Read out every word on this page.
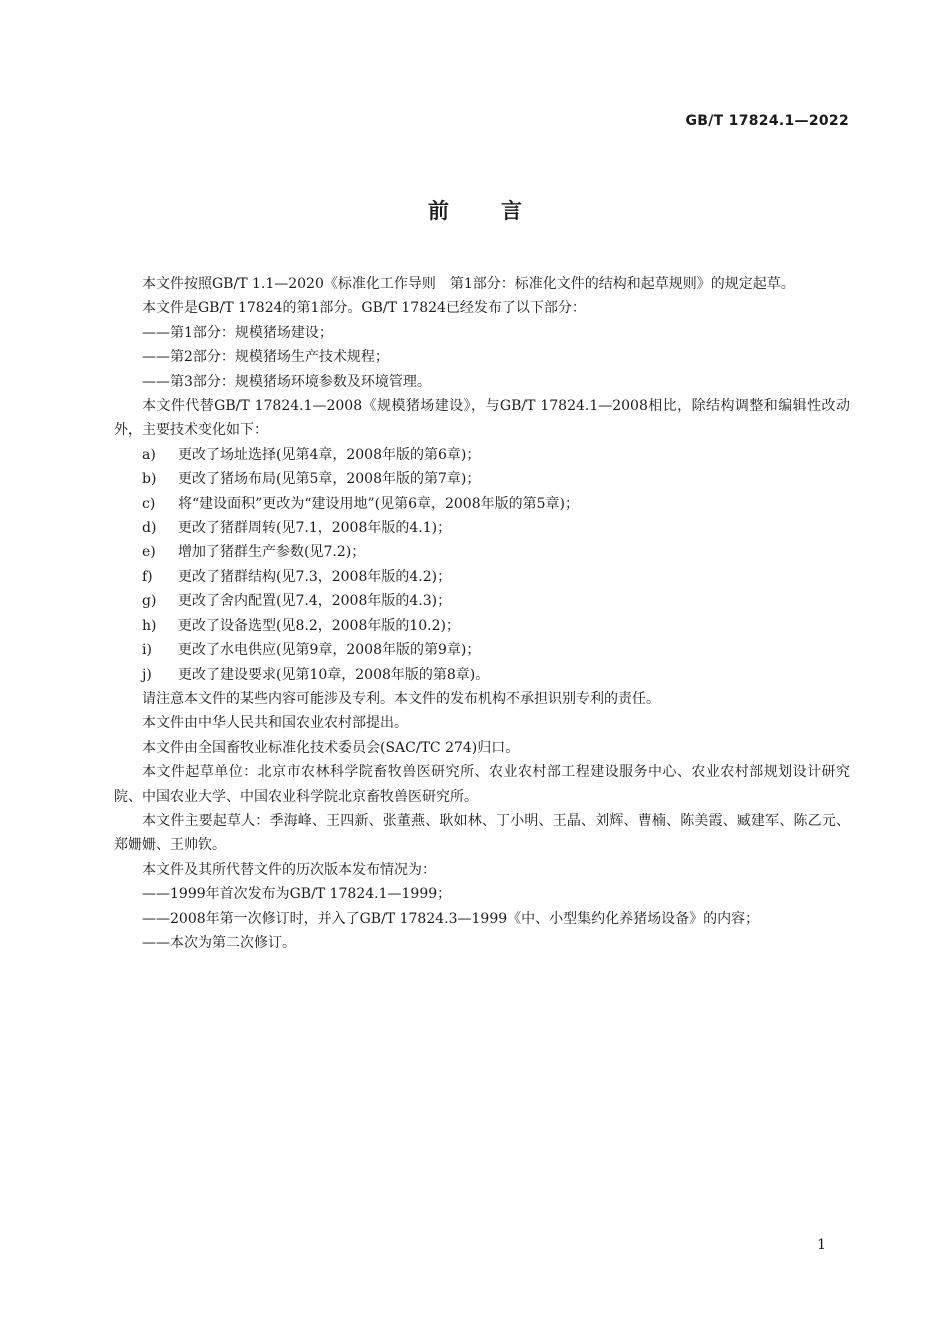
GB/T 17824.1—2022
前言

本文件按照GB/T 1.1—2020《标准化工作导则　第1部分：标准化文件的结构和起草规则》的规定起草。

本文件是GB/T 17824的第1部分。GB/T 17824已经发布了以下部分：

——第1部分：规模猪场建设；

——第2部分：规模猪场生产技术规程；

——第3部分：规模猪场环境参数及环境管理。

本文件代替GB/T 17824.1—2008《规模猪场建设》，与GB/T 17824.1—2008相比，除结构调整和编辑性改动外，主要技术变化如下：

a) 更改了场址选择(见第4章，2008年版的第6章)；

b) 更改了猪场布局(见第5章，2008年版的第7章)；

c) 将“建设面积”更改为“建设用地”(见第6章，2008年版的第5章)；

d) 更改了猪群周转(见7.1，2008年版的4.1)；

e) 增加了猪群生产参数(见7.2)；

f) 更改了猪群结构(见7.3，2008年版的4.2)；

g) 更改了舍内配置(见7.4，2008年版的4.3)；

h) 更改了设备选型(见8.2，2008年版的10.2)；

i) 更改了水电供应(见第9章，2008年版的第9章)；

j) 更改了建设要求(见第10章，2008年版的第8章)。

请注意本文件的某些内容可能涉及专利。本文件的发布机构不承担识别专利的责任。

本文件由中华人民共和国农业农村部提出。

本文件由全国畜牧业标准化技术委员会(SAC/TC 274)归口。

本文件起草单位：北京市农林科学院畜牧兽医研究所、农业农村部工程建设服务中心、农业农村部规划设计研究院、中国农业大学、中国农业科学院北京畜牧兽医研究所。

本文件主要起草人：季海峰、王四新、张董燕、耿如林、丁小明、王晶、刘辉、曹楠、陈美霞、臧建军、陈乙元、郑姗姗、王帅钦。

本文件及其所代替文件的历次版本发布情况为：

——1999年首次发布为GB/T 17824.1—1999；

——2008年第一次修订时，并入了GB/T 17824.3—1999《中、小型集约化养猪场设备》的内容；

——本次为第二次修订。

1
